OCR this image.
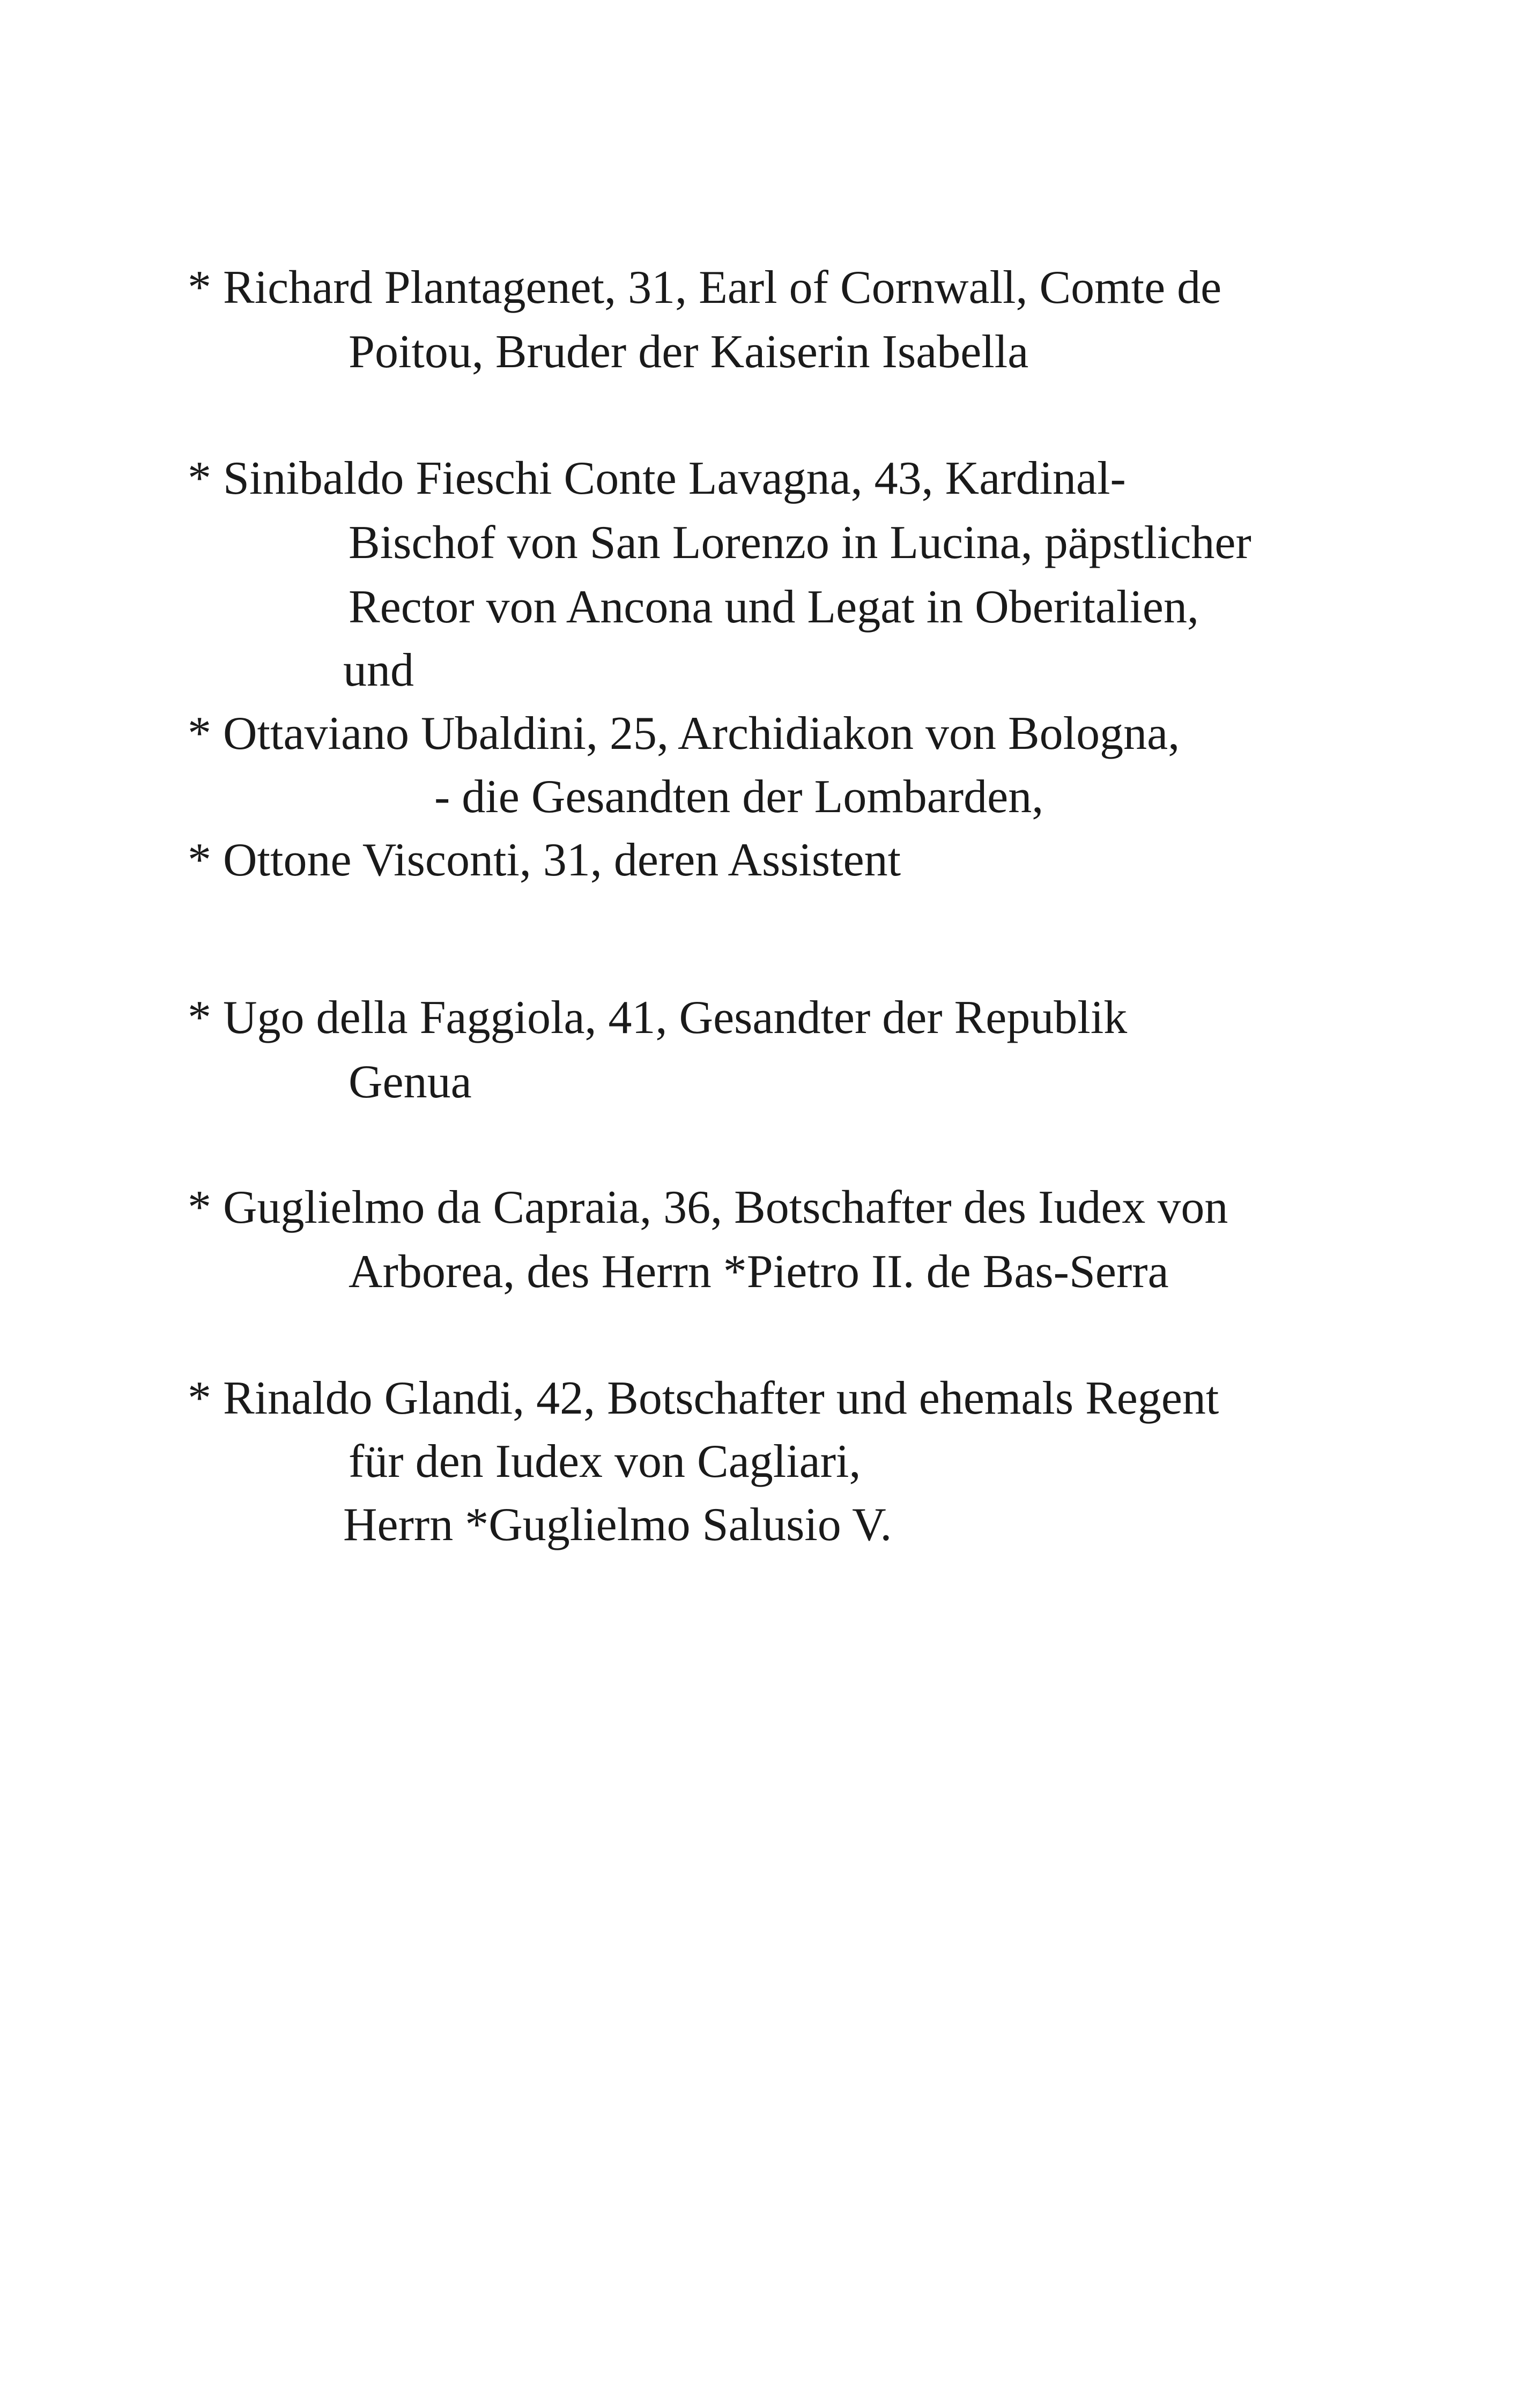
* Richard Plantagenet, 31, Earl of Cornwall, Comte de
Poitou, Bruder der Kaiserin Isabella
* Sinibaldo Fieschi Conte Lavagna, 43, Kardinal-
Bischof von San Lorenzo in Lucina, päpstlicher
Rector von Ancona und Legat in Oberitalien,
und
* Ottaviano Ubaldini, 25, Archidiakon von Bologna,
- die Gesandten der Lombarden,
* Ottone Visconti, 31, deren Assistent
* Ugo della Faggiola, 41, Gesandter der Republik
Genua
* Guglielmo da Capraia, 36, Botschafter des Iudex von
Arborea, des Herrn *Pietro II. de Bas-Serra
* Rinaldo Glandi, 42, Botschafter und ehemals Regent
für den Iudex von Cagliari,
Herrn *Guglielmo Salusio V.
